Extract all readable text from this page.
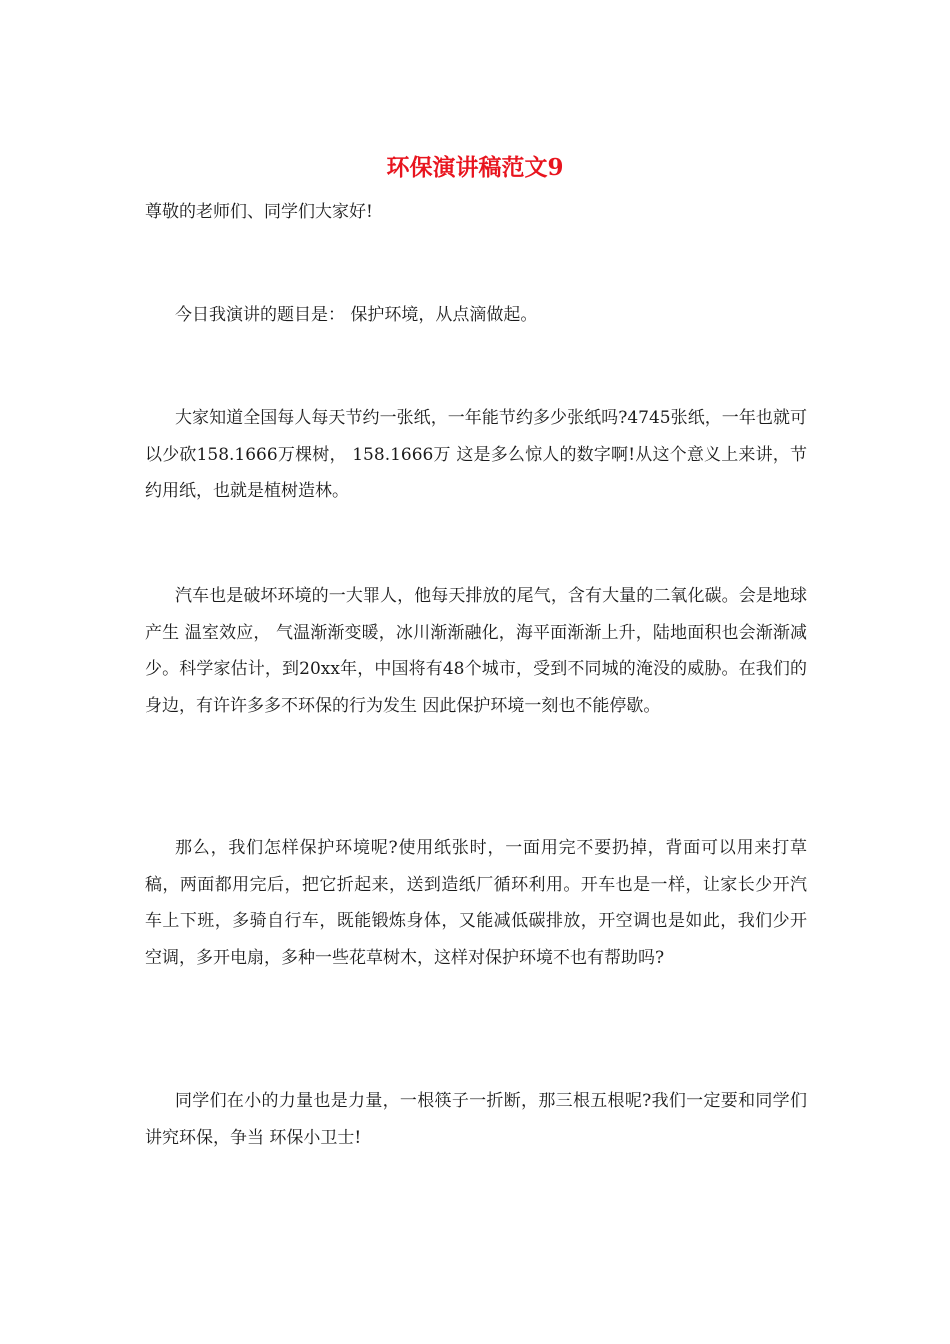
环保演讲稿范文9
尊敬的老师们、同学们大家好!
今日我演讲的题目是： 保护环境，从点滴做起。
大家知道全国每人每天节约一张纸，一年能节约多少张纸吗?4745张纸，一年也就可以少砍158.1666万棵树， 158.1666万 这是多么惊人的数字啊!从这个意义上来讲，节约用纸，也就是植树造林。
汽车也是破坏环境的一大罪人，他每天排放的尾气，含有大量的二氧化碳。会是地球产生 温室效应， 气温渐渐变暖，冰川渐渐融化，海平面渐渐上升，陆地面积也会渐渐减少。科学家估计，到20xx年，中国将有48个城市，受到不同城的淹没的威胁。在我们的身边，有许许多多不环保的行为发生 因此保护环境一刻也不能停歇。
那么，我们怎样保护环境呢?使用纸张时，一面用完不要扔掉，背面可以用来打草稿，两面都用完后，把它折起来，送到造纸厂循环利用。开车也是一样，让家长少开汽车上下班，多骑自行车，既能锻炼身体，又能减低碳排放，开空调也是如此，我们少开空调，多开电扇，多种一些花草树木，这样对保护环境不也有帮助吗?
同学们在小的力量也是力量，一根筷子一折断，那三根五根呢?我们一定要和同学们讲究环保，争当 环保小卫士!
